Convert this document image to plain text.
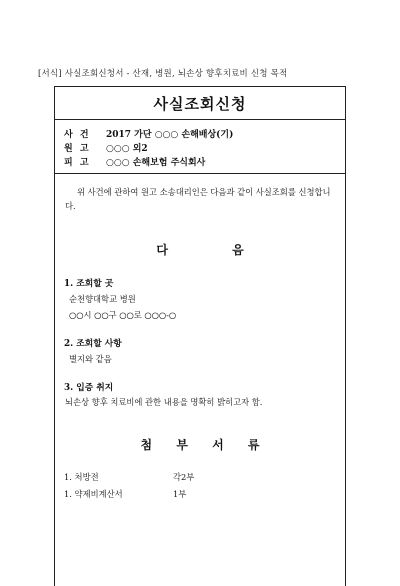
[서식] 사실조회신청서 - 산재, 병원, 뇌손상 향후치료비 신청 목적
사실조회신청
사 건 2017 가단 ○○○ 손해배상(기)
원 고 ○○○ 외2
피 고 ○○○ 손해보험 주식회사
위 사건에 관하여 원고 소송대리인은 다음과 같이 사실조회를 신청합니다.
다 음
1. 조회할 곳
순천향대학교 병원
○○시 ○○구 ○○로 ○○○-○
2. 조회할 사항
별지와 같음
3. 입증 취지
뇌손상 향후 치료비에 관한 내용을 명확히 밝히고자 함.
첨 부 서 류
1. 처방전	각2부
1. 약제비계산서	1부
